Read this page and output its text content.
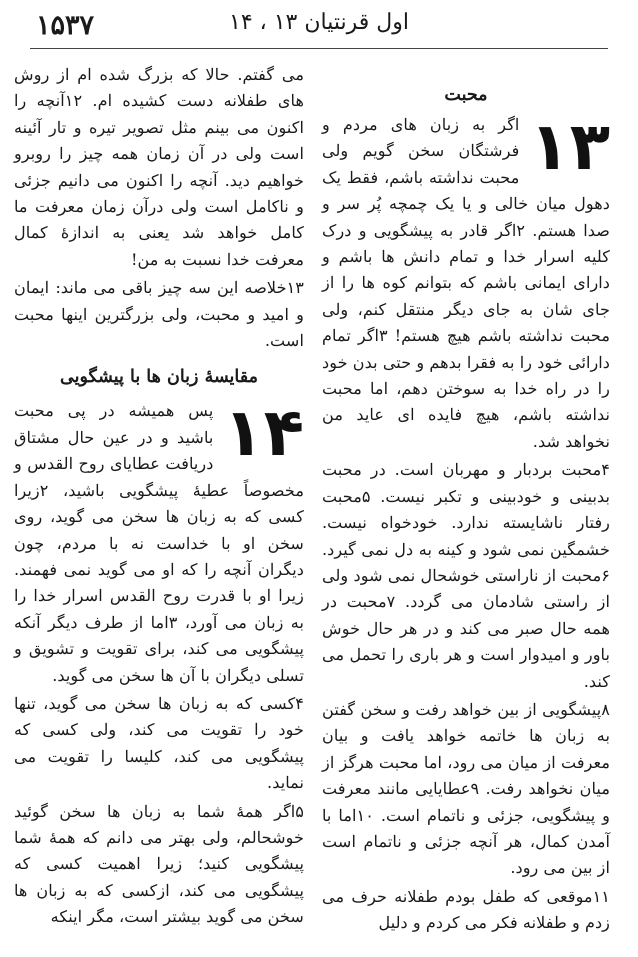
۱۵۳۷	اول قرنتیان ۱۳ ، ۱۴
محبت
۱۳

اگر به زبان های مردم و فرشتگان سخن گویم ولی محبت نداشته باشم، فقط یک دهول میان خالی و یا یک چمچه پُر سر و صدا هستم. ۲اگر قادر به پیشگویی و درک کلیه اسرار خدا و تمام دانش ها باشم و دارای ایمانی باشم که بتوانم کوه ها را از جای شان به جای دیگر منتقل کنم، ولی محبت نداشته باشم هیچ هستم! ۳اگر تمام دارائی خود را به فقرا بدهم و حتی بدن خود را در راه خدا به سوختن دهم، اما محبت نداشته باشم، هیچ فایده ای عاید من نخواهد شد.

۴محبت بردبار و مهربان است. در محبت بدبینی و خودبینی و تکبر نیست. ۵محبت رفتار ناشایسته ندارد. خودخواه نیست. خشمگین نمی شود و کینه به دل نمی گیرد. ۶محبت از ناراستی خوشحال نمی شود ولی از راستی شادمان می گردد. ۷محبت در همه حال صبر می کند و در هر حال خوش باور و امیدوار است و هر باری را تحمل می کند.

۸پیشگویی از بین خواهد رفت و سخن گفتن به زبان ها خاتمه خواهد یافت و بیان معرفت از میان می رود، اما محبت هرگز از میان نخواهد رفت. ۹عطایایی مانند معرفت و پیشگویی، جزئی و ناتمام است. ۱۰اما با آمدن کمال، هر آنچه جزئی و ناتمام است از بین می رود.

۱۱موقعی که طفل بودم طفلانه حرف می زدم و طفلانه فکر می کردم و دلیل

می گفتم. حالا که بزرگ شده ام از روش های طفلانه دست کشیده ام. ۱۲آنچه را اکنون می بینم مثل تصویر تیره و تار آئینه است ولی در آن زمان همه چیز را روبرو خواهیم دید. آنچه را اکنون می دانیم جزئی و ناکامل است ولی درآن زمان معرفت ما کامل خواهد شد یعنی به اندازۀ کمال معرفت خدا نسبت به من!

۱۳خلاصه این سه چیز باقی می ماند: ایمان و امید و محبت، ولی بزرگترین اینها محبت است.

مقایسۀ زبان ها با پیشگویی
۱۴

پس همیشه در پی محبت باشید و در عین حال مشتاق دریافت عطایای روح القدس و مخصوصاً عطیۀ پیشگویی باشید، ۲زیرا کسی که به زبان ها سخن می گوید، روی سخن او با خداست نه با مردم، چون دیگران آنچه را که او می گوید نمی فهمند. زیرا او با قدرت روح القدس اسرار خدا را به زبان می آورد، ۳اما از طرف دیگر آنکه پیشگویی می کند، برای تقویت و تشویق و تسلی دیگران با آن ها سخن می گوید.

۴کسی که به زبان ها سخن می گوید، تنها خود را تقویت می کند، ولی کسی که پیشگویی می کند، کلیسا را تقویت می نماید.

۵اگر همۀ شما به زبان ها سخن گوئید خوشحالم، ولی بهتر می دانم که همۀ شما پیشگویی کنید؛ زیرا اهمیت کسی که پیشگویی می کند، ازکسی که به زبان ها سخن می گوید بیشتر است، مگر اینکه
